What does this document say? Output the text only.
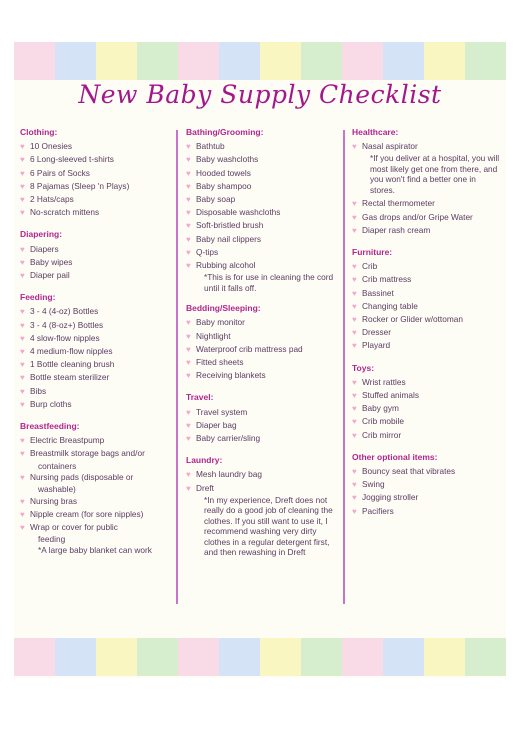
New Baby Supply Checklist
Clothing:
♥ 10 Onesies
♥ 6 Long-sleeved t-shirts
♥ 6 Pairs of Socks
♥ 8 Pajamas (Sleep 'n Plays)
♥ 2 Hats/caps
♥ No-scratch mittens
Diapering:
♥ Diapers
♥ Baby wipes
♥ Diaper pail
Feeding:
♥ 3 - 4 (4-oz) Bottles
♥ 3 - 4 (8-oz+) Bottles
♥ 4 slow-flow nipples
♥ 4 medium-flow nipples
♥ 1 Bottle cleaning brush
♥ Bottle steam sterilizer
♥ Bibs
♥ Burp cloths
Breastfeeding:
♥ Electric Breastpump
♥ Breastmilk storage bags and/or
containers
♥ Nursing pads (disposable or
washable)
♥ Nursing bras
♥ Nipple cream (for sore nipples)
♥ Wrap or cover for public
feeding
*A large baby blanket can work
Bathing/Grooming:
♥ Bathtub
♥ Baby washcloths
♥ Hooded towels
♥ Baby shampoo
♥ Baby soap
♥ Disposable washcloths
♥ Soft-bristled brush
♥ Baby nail clippers
♥ Q-tips
♥ Rubbing alcohol
*This is for use in cleaning the cord until it falls off.
Bedding/Sleeping:
♥ Baby monitor
♥ Nightlight
♥ Waterproof crib mattress pad
♥ Fitted sheets
♥ Receiving blankets
Travel:
♥ Travel system
♥ Diaper bag
♥ Baby carrier/sling
Laundry:
♥ Mesh laundry bag
♥ Dreft
*In my experience, Dreft does not really do a good job of cleaning the clothes. If you still want to use it, I recommend washing very dirty clothes in a regular detergent first, and then rewashing in Dreft
Healthcare:
♥ Nasal aspirator
*If you deliver at a hospital, you will most likely get one from there, and you won't find a better one in stores.
♥ Rectal thermometer
♥ Gas drops and/or Gripe Water
♥ Diaper rash cream
Furniture:
♥ Crib
♥ Crib mattress
♥ Bassinet
♥ Changing table
♥ Rocker or Glider w/ottoman
♥ Dresser
♥ Playard
Toys:
♥ Wrist rattles
♥ Stuffed animals
♥ Baby gym
♥ Crib mobile
♥ Crib mirror
Other optional items:
♥ Bouncy seat that vibrates
♥ Swing
♥ Jogging stroller
♥ Pacifiers
